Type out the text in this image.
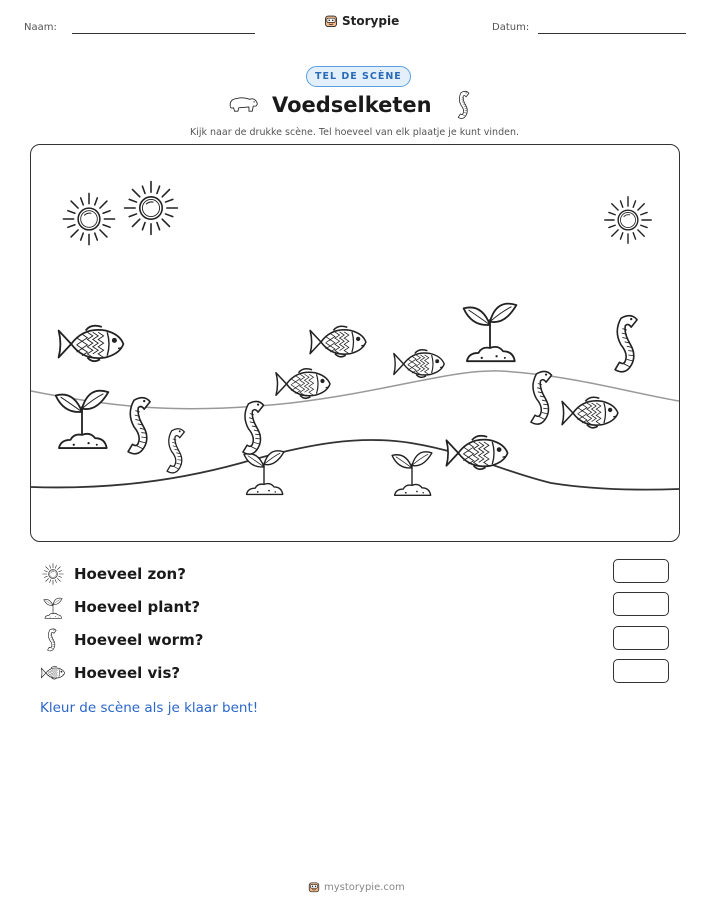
Naam:	Storypie	Datum:
TEL DE SCÈNE
Voedselketen
Kijk naar de drukke scène. Tel hoeveel van elk plaatje je kunt vinden.
Hoeveel zon?
Hoeveel plant?
Hoeveel worm?
Hoeveel vis?
Kleur de scène als je klaar bent!
mystorypie.com
